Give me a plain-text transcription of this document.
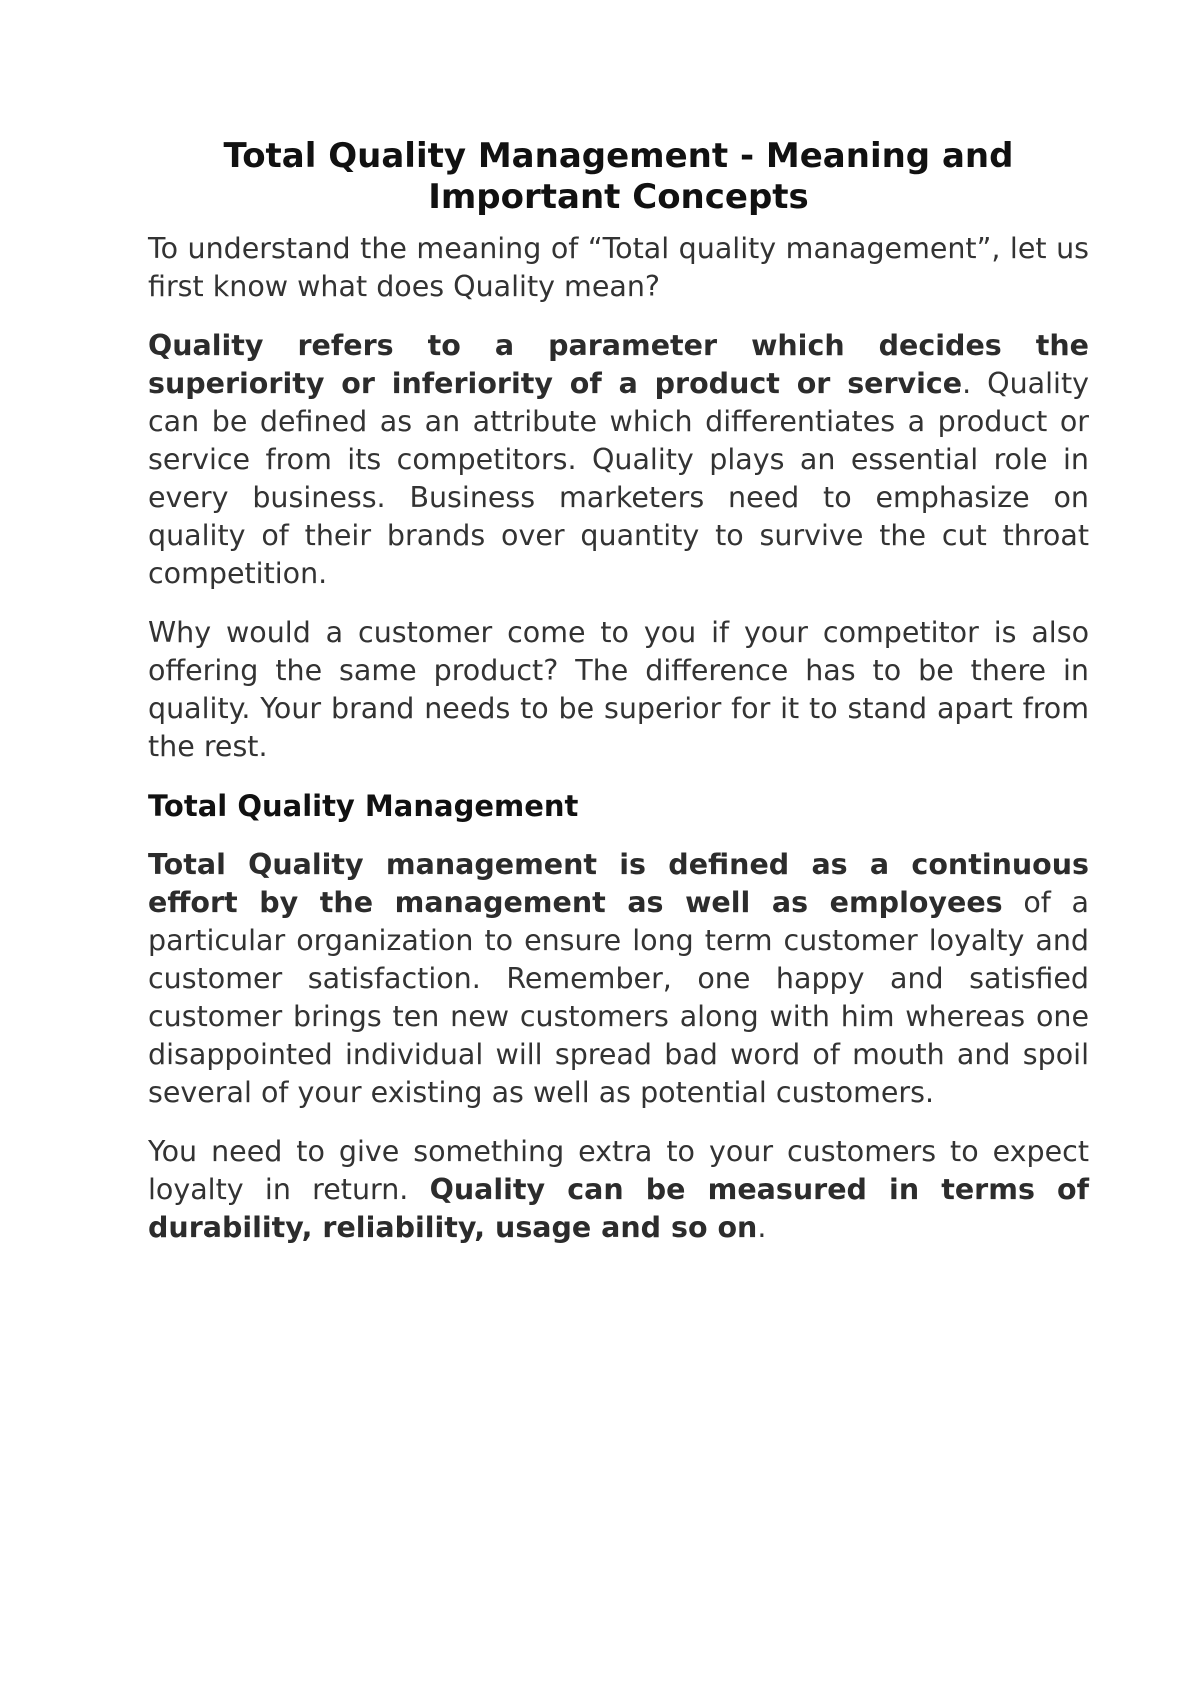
Total Quality Management - Meaning and Important Concepts

To understand the meaning of “Total quality management”, let us first know what does Quality mean?

Quality refers to a parameter which decides the superiority or inferiority of a product or service. Quality can be defined as an attribute which differentiates a product or service from its competitors. Quality plays an essential role in every business. Business marketers need to emphasize on quality of their brands over quantity to survive the cut throat competition.

Why would a customer come to you if your competitor is also offering the same product? The difference has to be there in quality. Your brand needs to be superior for it to stand apart from the rest.

Total Quality Management

Total Quality management is defined as a continuous effort by the management as well as employees of a particular organization to ensure long term customer loyalty and customer satisfaction. Remember, one happy and satisfied customer brings ten new customers along with him whereas one disappointed individual will spread bad word of mouth and spoil several of your existing as well as potential customers.

You need to give something extra to your customers to expect loyalty in return. Quality can be measured in terms of durability, reliability, usage and so on.
